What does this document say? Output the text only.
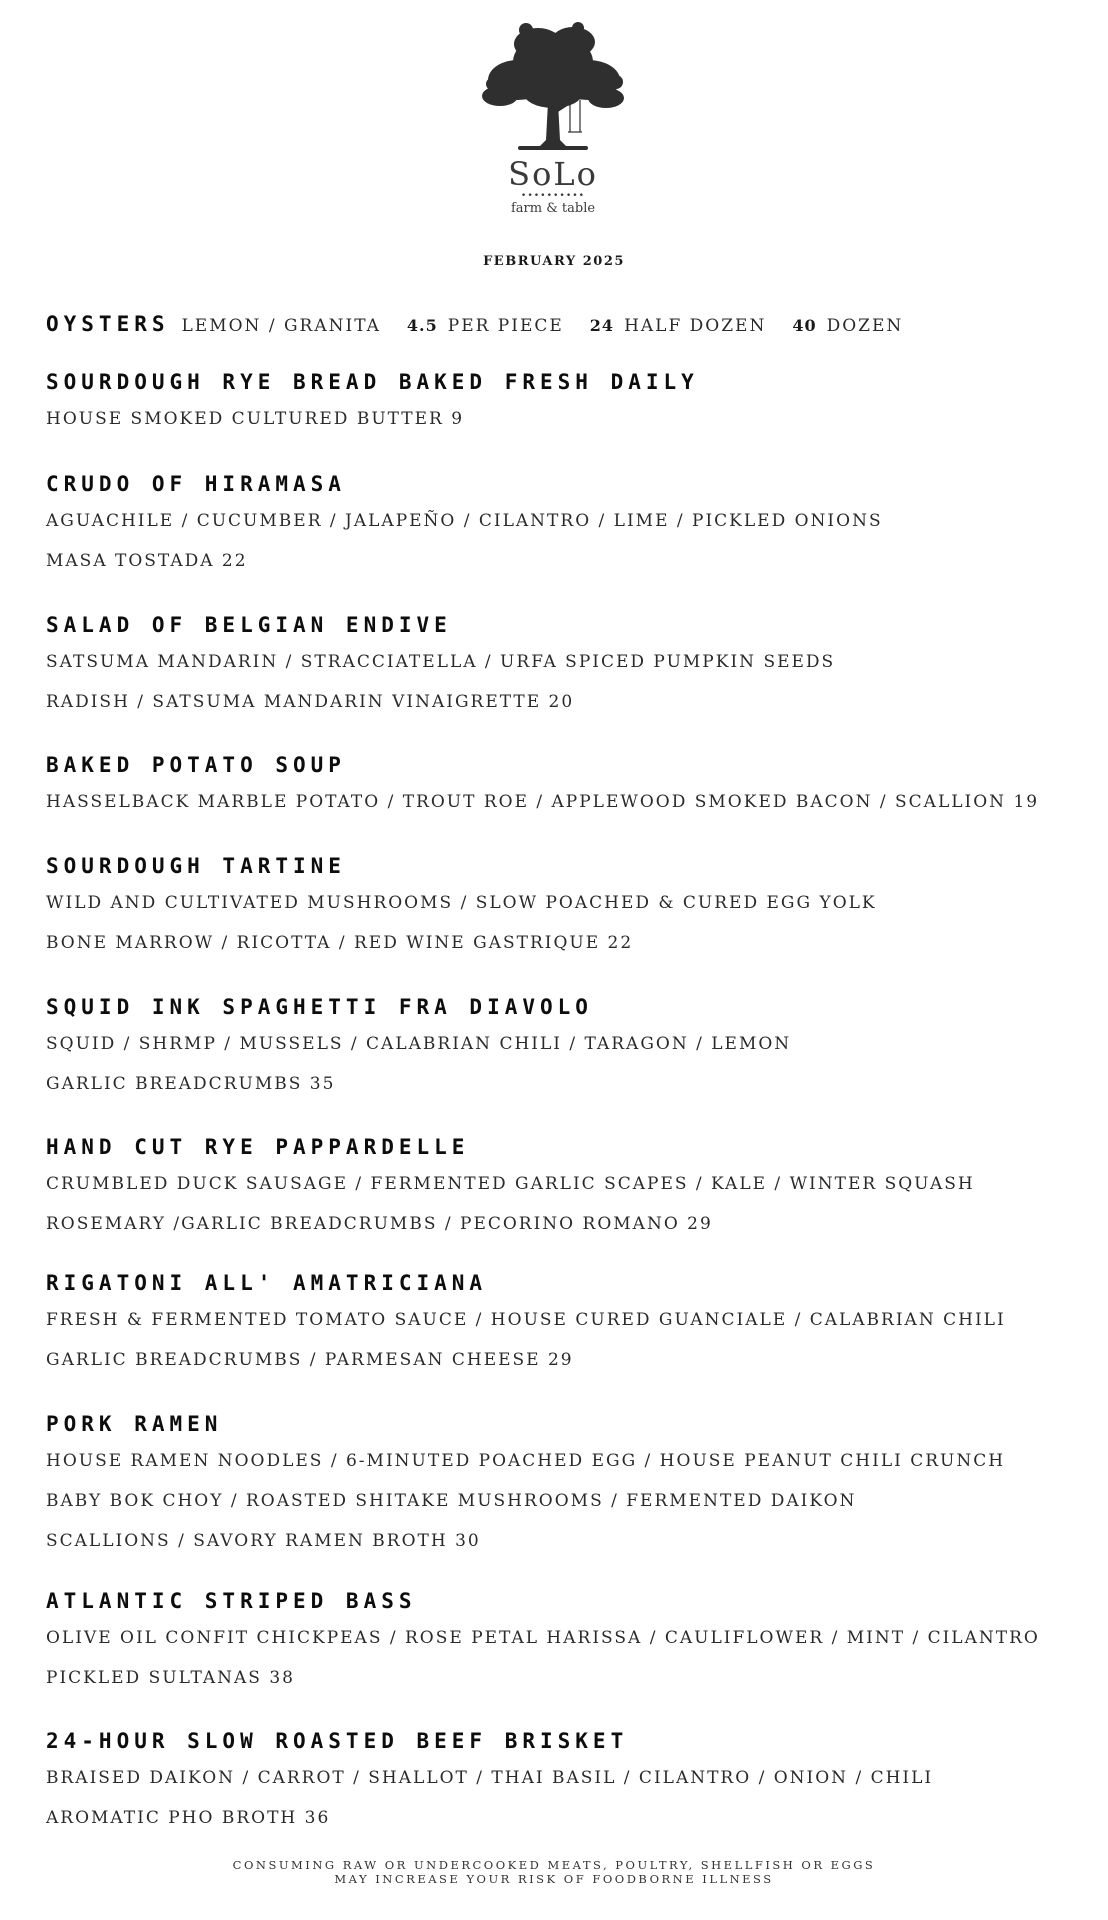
SoLo
••••••••••
farm & table
FEBRUARY 2025
OYSTERS LEMON / GRANITA 4.5 PER PIECE 24 HALF DOZEN 40 DOZEN
SOURDOUGH RYE BREAD BAKED FRESH DAILY
HOUSE SMOKED CULTURED BUTTER 9
CRUDO OF HIRAMASA
AGUACHILE / CUCUMBER / JALAPEÑO / CILANTRO / LIME / PICKLED ONIONS
MASA TOSTADA 22
SALAD OF BELGIAN ENDIVE
SATSUMA MANDARIN / STRACCIATELLA / URFA SPICED PUMPKIN SEEDS
RADISH / SATSUMA MANDARIN VINAIGRETTE 20
BAKED POTATO SOUP
HASSELBACK MARBLE POTATO / TROUT ROE / APPLEWOOD SMOKED BACON / SCALLION 19
SOURDOUGH TARTINE
WILD AND CULTIVATED MUSHROOMS / SLOW POACHED & CURED EGG YOLK
BONE MARROW / RICOTTA / RED WINE GASTRIQUE 22
SQUID INK SPAGHETTI FRA DIAVOLO
SQUID / SHRMP / MUSSELS / CALABRIAN CHILI / TARAGON / LEMON
GARLIC BREADCRUMBS 35
HAND CUT RYE PAPPARDELLE
CRUMBLED DUCK SAUSAGE / FERMENTED GARLIC SCAPES / KALE / WINTER SQUASH
ROSEMARY /GARLIC BREADCRUMBS / PECORINO ROMANO 29
RIGATONI ALL' AMATRICIANA
FRESH & FERMENTED TOMATO SAUCE / HOUSE CURED GUANCIALE / CALABRIAN CHILI
GARLIC BREADCRUMBS / PARMESAN CHEESE 29
PORK RAMEN
HOUSE RAMEN NOODLES / 6-MINUTED POACHED EGG / HOUSE PEANUT CHILI CRUNCH
BABY BOK CHOY / ROASTED SHITAKE MUSHROOMS / FERMENTED DAIKON
SCALLIONS / SAVORY RAMEN BROTH 30
ATLANTIC STRIPED BASS
OLIVE OIL CONFIT CHICKPEAS / ROSE PETAL HARISSA / CAULIFLOWER / MINT / CILANTRO
PICKLED SULTANAS 38
24-HOUR SLOW ROASTED BEEF BRISKET
BRAISED DAIKON / CARROT / SHALLOT / THAI BASIL / CILANTRO / ONION / CHILI
AROMATIC PHO BROTH 36
CONSUMING RAW OR UNDERCOOKED MEATS, POULTRY, SHELLFISH OR EGGS
MAY INCREASE YOUR RISK OF FOODBORNE ILLNESS
